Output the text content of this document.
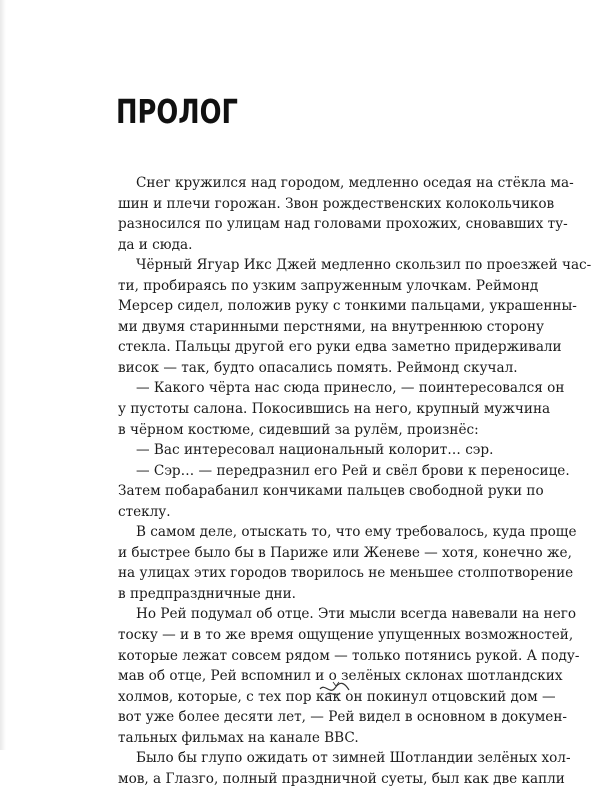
ПРОЛОГ

Снег кружился над городом, медленно оседая на стёкла ма-
шин и плечи горожан. Звон рождественских колокольчиков
разносился по улицам над головами прохожих, сновавших ту-
да и сюда.

Чёрный Ягуар Икс Джей медленно скользил по проезжей час-
ти, пробираясь по узким запруженным улочкам. Реймонд
Мерсер сидел, положив руку с тонкими пальцами, украшенны-
ми двумя старинными перстнями, на внутреннюю сторону
стекла. Пальцы другой его руки едва заметно придерживали
висок — так, будто опасались помять. Реймонд скучал.

— Какого чёрта нас сюда принесло, — поинтересовался он
у пустоты салона. Покосившись на него, крупный мужчина
в чёрном костюме, сидевший за рулём, произнёс:

— Вас интересовал национальный колорит… сэр.

— Сэр… — передразнил его Рей и свёл брови к переносице.
Затем побарабанил кончиками пальцев свободной руки по
стеклу.

В самом деле, отыскать то, что ему требовалось, куда проще
и быстрее было бы в Париже или Женеве — хотя, конечно же,
на улицах этих городов творилось не меньшее столпотворение
в предпраздничные дни.

Но Рей подумал об отце. Эти мысли всегда навевали на него
тоску — и в то же время ощущение упущенных возможностей,
которые лежат совсем рядом — только потянись рукой. А поду-
мав об отце, Рей вспомнил и о зелёных склонах шотландских
холмов, которые, с тех пор как он покинул отцовский дом —
вот уже более десяти лет, — Рей видел в основном в докумен-
тальных фильмах на канале BBC.

Было бы глупо ожидать от зимней Шотландии зелёных хол-
мов, а Глазго, полный праздничной суеты, был как две капли
